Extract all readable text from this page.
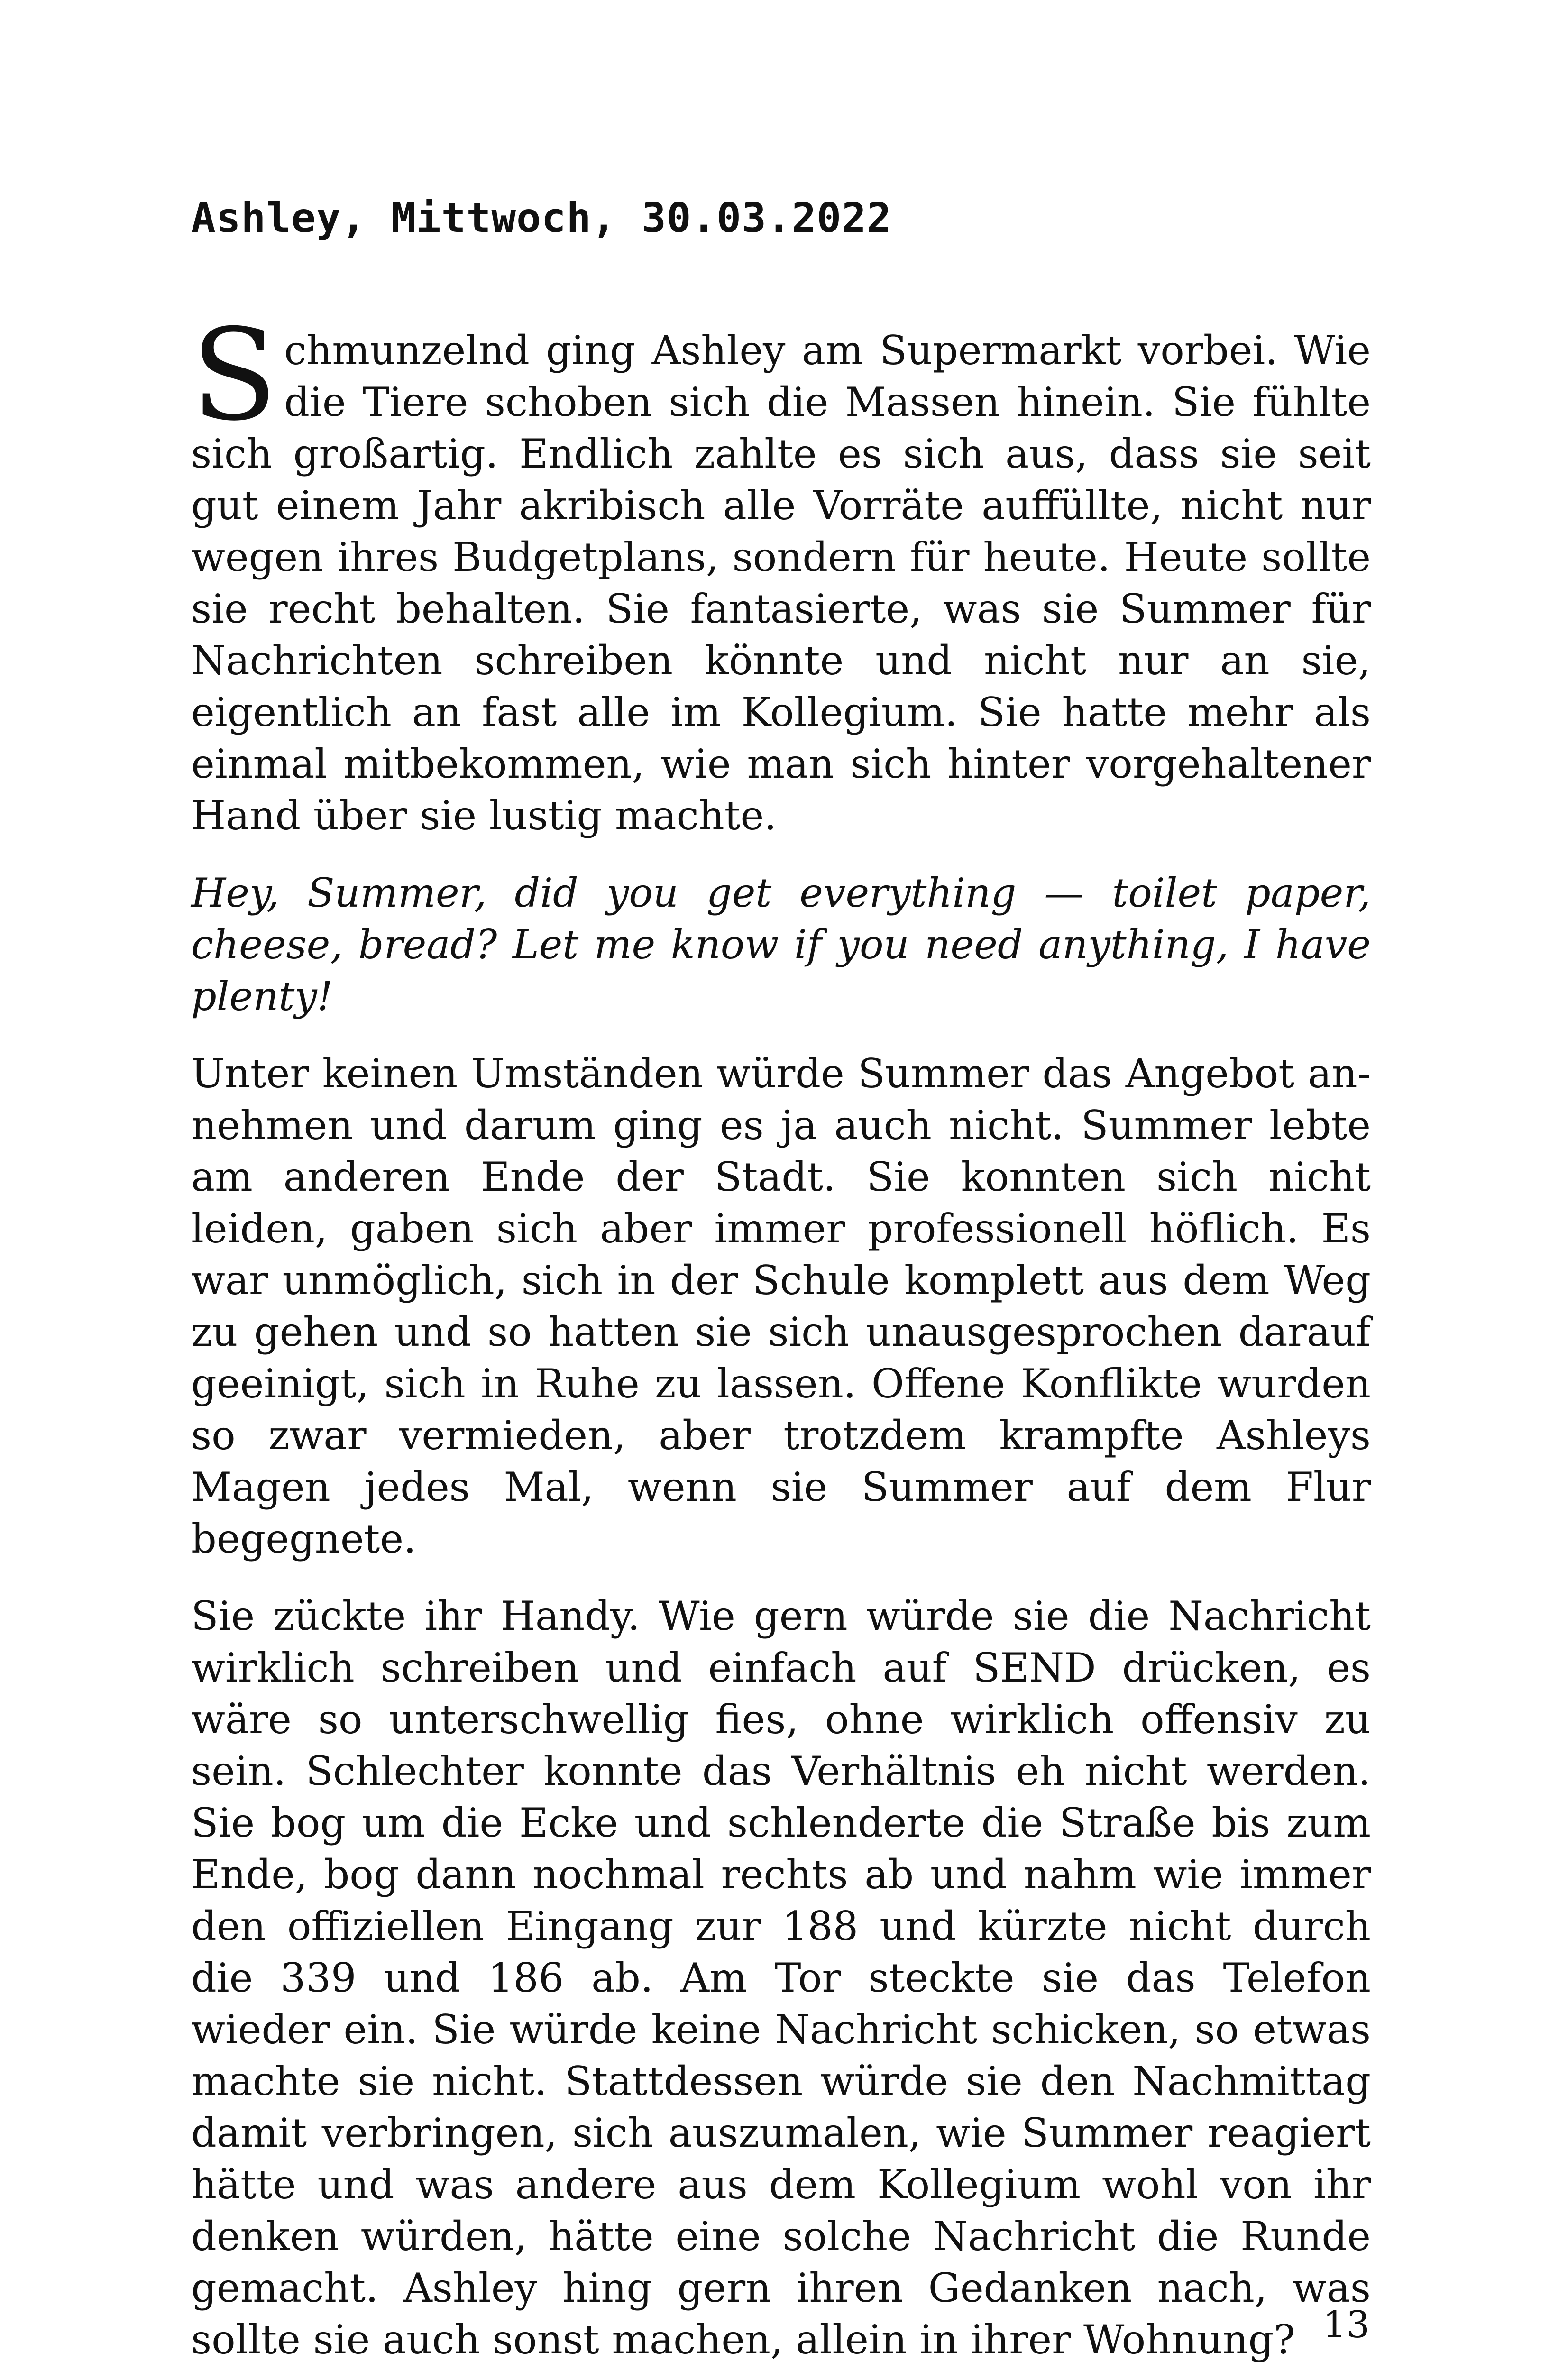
Ashley, Mittwoch, 30.03.2022

Schmunzelnd ging Ashley am Supermarkt vorbei. Wie die Tiere schoben sich die Massen hinein. Sie fühlte sich großartig. Endlich zahlte es sich aus, dass sie seit gut einem Jahr akribisch alle Vorräte auffüllte, nicht nur wegen ihres Budgetplans, sondern für heute. Heute sollte sie recht behalten. Sie fantasierte, was sie Summer für Nachrichten schreiben könnte und nicht nur an sie, eigentlich an fast alle im Kollegium. Sie hatte mehr als einmal mitbekommen, wie man sich hinter vorgehaltener Hand über sie lustig machte.

Hey, Summer, did you get everything — toilet paper, cheese, bread? Let me know if you need anything, I have plenty!

Unter keinen Umständen würde Summer das Angebot annehmen und darum ging es ja auch nicht. Summer lebte am anderen Ende der Stadt. Sie konnten sich nicht leiden, gaben sich aber immer professionell höflich. Es war unmöglich, sich in der Schule komplett aus dem Weg zu gehen und so hatten sie sich unausgesprochen darauf geeinigt, sich in Ruhe zu lassen. Offene Konflikte wurden so zwar vermieden, aber trotzdem krampfte Ashleys Magen jedes Mal, wenn sie Summer auf dem Flur begegnete.

Sie zückte ihr Handy. Wie gern würde sie die Nachricht wirklich schreiben und einfach auf SEND drücken, es wäre so unterschwellig fies, ohne wirklich offensiv zu sein. Schlechter konnte das Verhältnis eh nicht werden. Sie bog um die Ecke und schlenderte die Straße bis zum Ende, bog dann nochmal rechts ab und nahm wie immer den offiziellen Eingang zur 188 und kürzte nicht durch die 339 und 186 ab. Am Tor steckte sie das Telefon wieder ein. Sie würde keine Nachricht schicken, so etwas machte sie nicht. Stattdessen würde sie den Nachmittag damit verbringen, sich auszumalen, wie Summer reagiert hätte und was andere aus dem Kollegium wohl von ihr denken würden, hätte eine solche Nachricht die Runde gemacht. Ashley hing gern ihren Gedanken nach, was sollte sie auch sonst machen, allein in ihrer Wohnung? 13
